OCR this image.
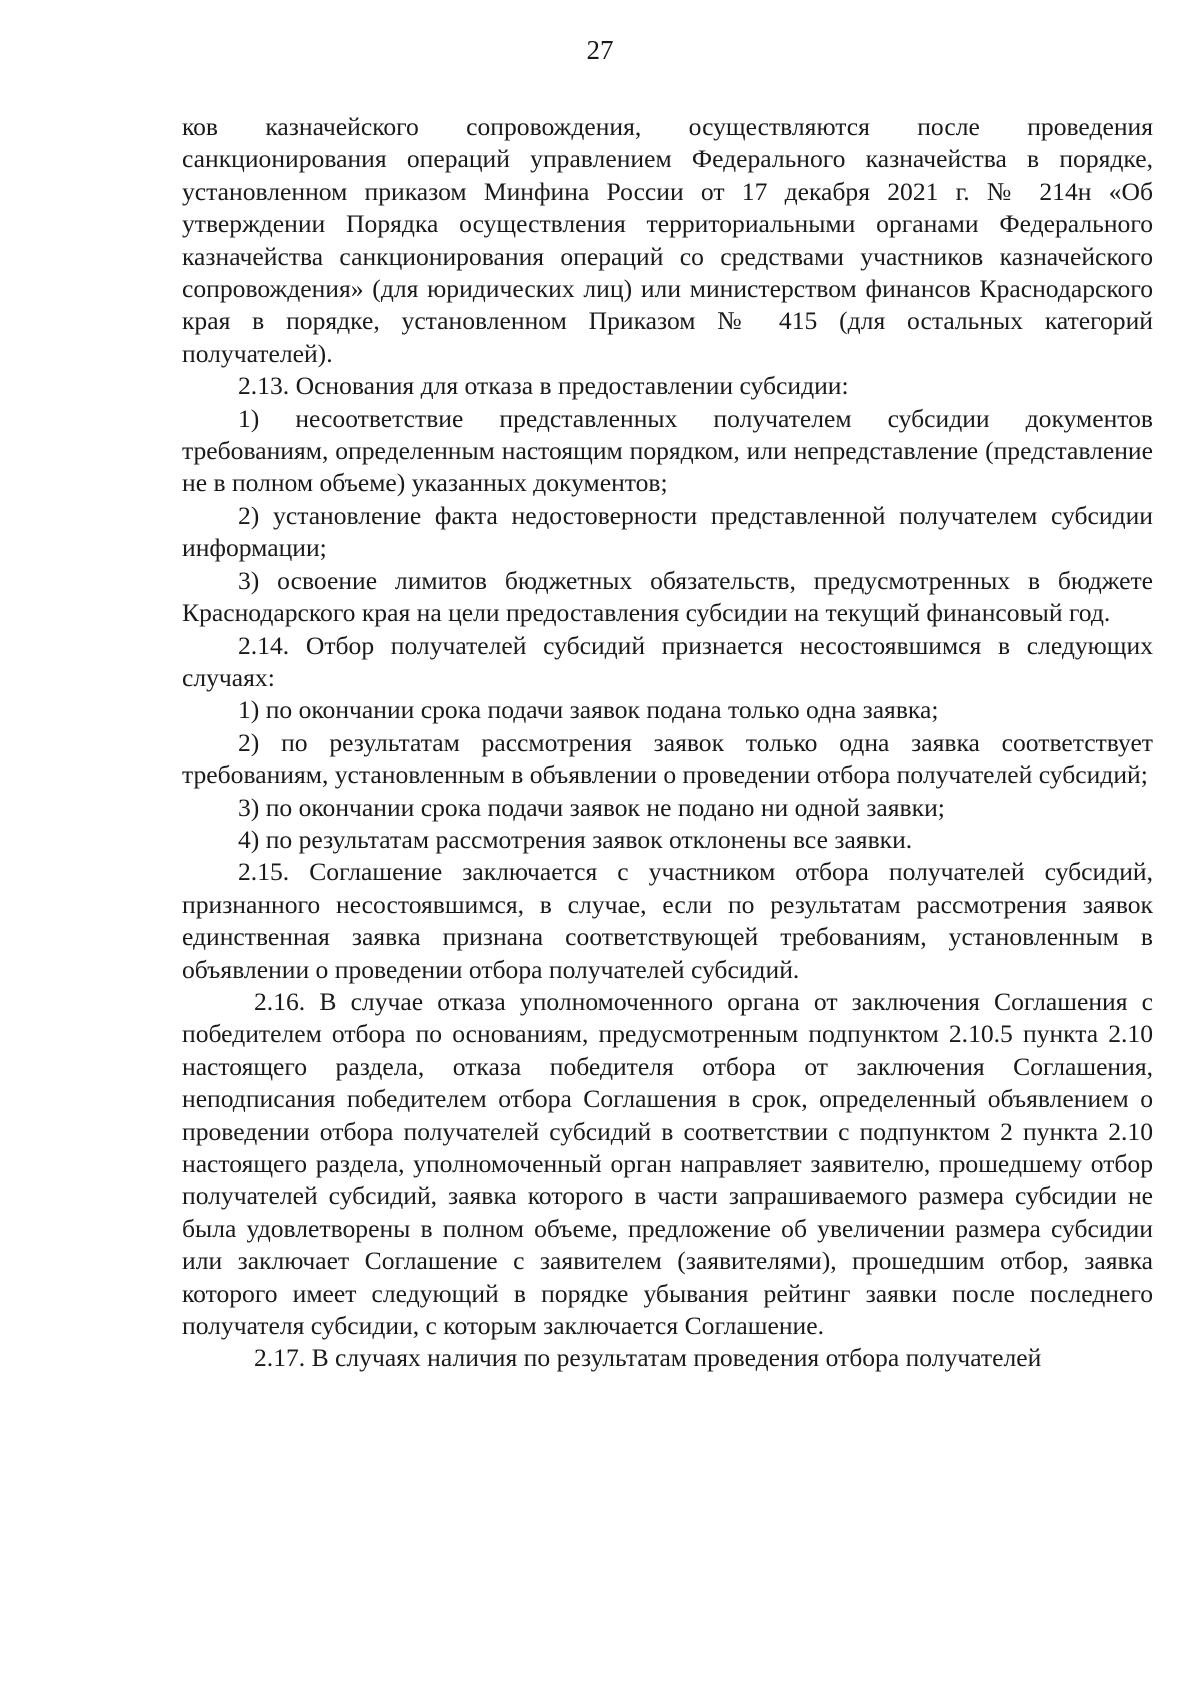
27

ков казначейского сопровождения, осуществляются после проведения санкционирования операций управлением Федерального казначейства в порядке, установленном приказом Минфина России от 17 декабря 2021 г. № 214н «Об утверждении Порядка осуществления территориальными органами Федерального казначейства санкционирования операций со средствами участников казначейского сопровождения» (для юридических лиц) или министерством финансов Краснодарского края в порядке, установленном Приказом № 415 (для остальных категорий получателей).

2.13. Основания для отказа в предоставлении субсидии:

1) несоответствие представленных получателем субсидии документов требованиям, определенным настоящим порядком, или непредставление (представление не в полном объеме) указанных документов;

2) установление факта недостоверности представленной получателем субсидии информации;

3) освоение лимитов бюджетных обязательств, предусмотренных в бюджете Краснодарского края на цели предоставления субсидии на текущий финансовый год.

2.14. Отбор получателей субсидий признается несостоявшимся в следующих случаях:

1) по окончании срока подачи заявок подана только одна заявка;

2) по результатам рассмотрения заявок только одна заявка соответствует требованиям, установленным в объявлении о проведении отбора получателей субсидий;

3) по окончании срока подачи заявок не подано ни одной заявки;

4) по результатам рассмотрения заявок отклонены все заявки.

2.15. Соглашение заключается с участником отбора получателей субсидий, признанного несостоявшимся, в случае, если по результатам рассмотрения заявок единственная заявка признана соответствующей требованиям, установленным в объявлении о проведении отбора получателей субсидий.

2.16. В случае отказа уполномоченного органа от заключения Соглашения с победителем отбора по основаниям, предусмотренным подпунктом 2.10.5 пункта 2.10 настоящего раздела, отказа победителя отбора от заключения Соглашения, неподписания победителем отбора Соглашения в срок, определенный объявлением о проведении отбора получателей субсидий в соответствии с подпунктом 2 пункта 2.10 настоящего раздела, уполномоченный орган направляет заявителю, прошедшему отбор получателей субсидий, заявка которого в части запрашиваемого размера субсидии не была удовлетворены в полном объеме, предложение об увеличении размера субсидии или заключает Соглашение с заявителем (заявителями), прошедшим отбор, заявка которого имеет следующий в порядке убывания рейтинг заявки после последнего получателя субсидии, с которым заключается Соглашение.

2.17. В случаях наличия по результатам проведения отбора получателей
